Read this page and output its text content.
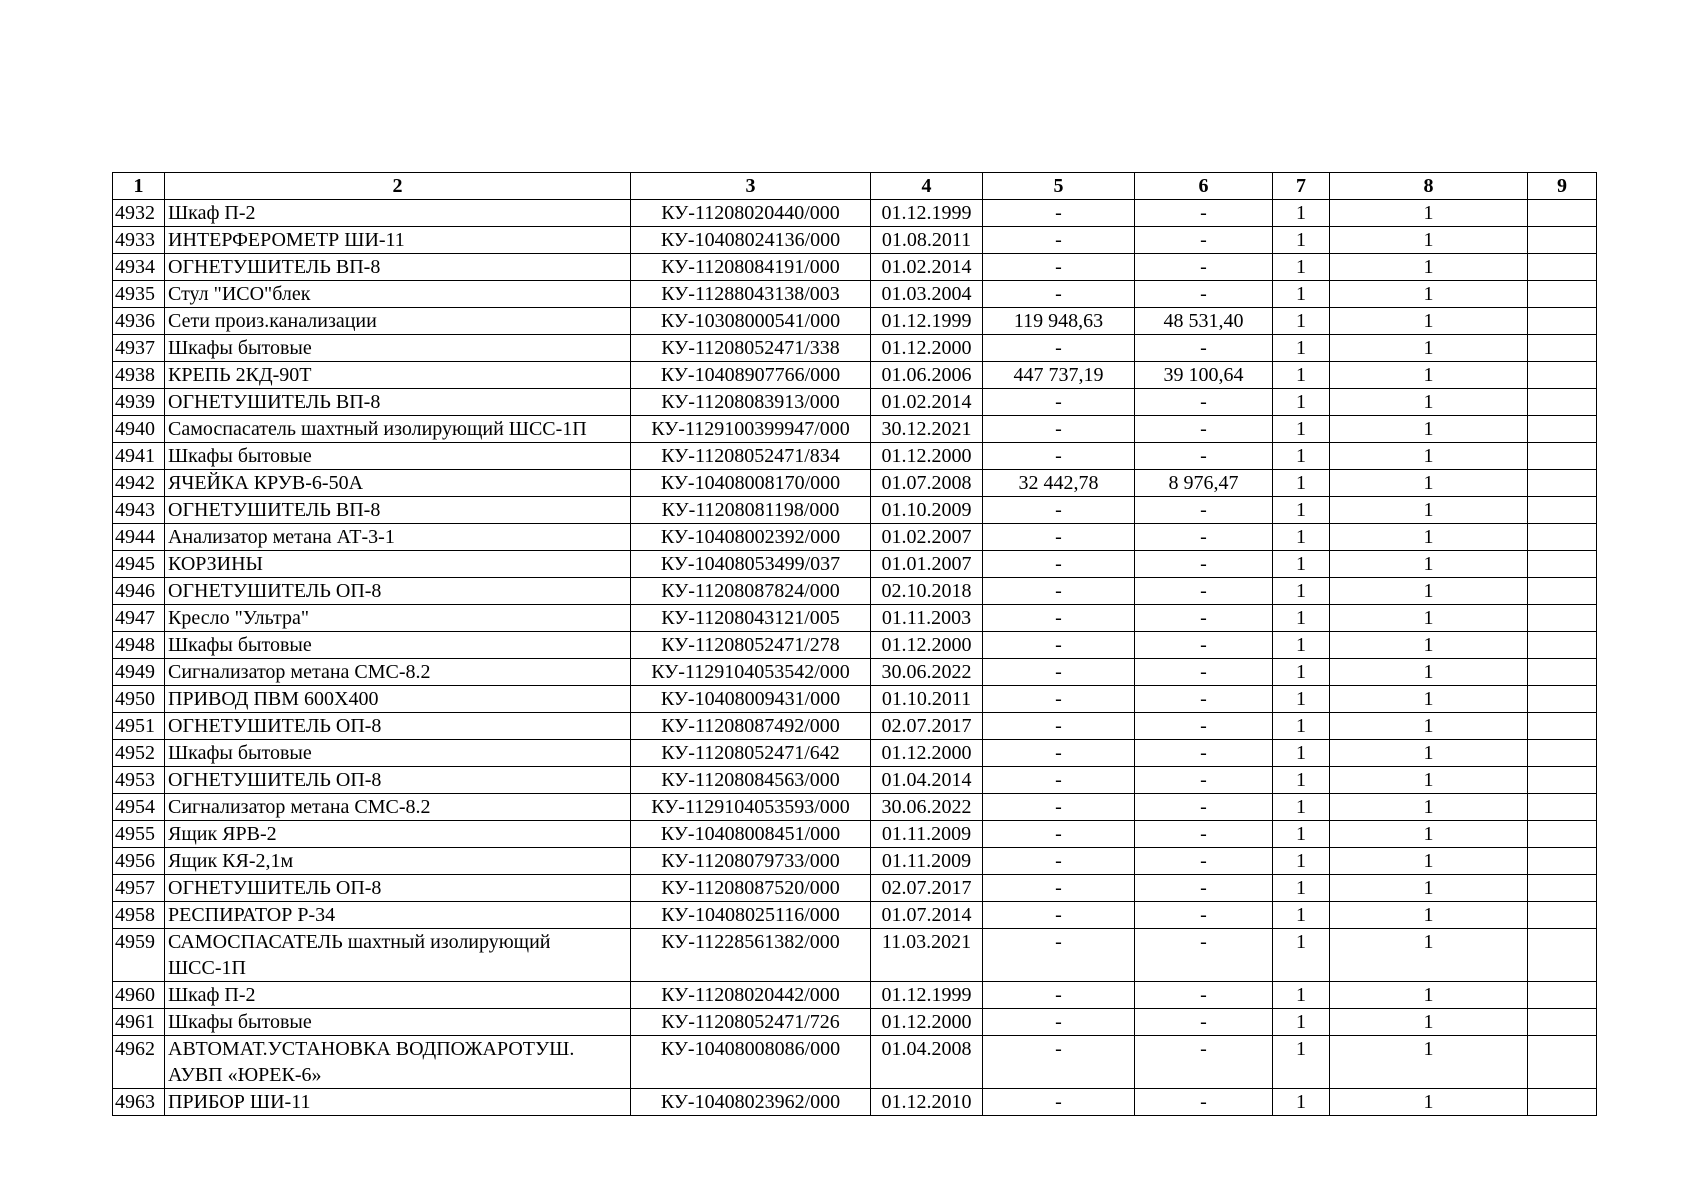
1	2	3	4	5	6	7	8	9
4932	Шкаф П-2	КУ-11208020440/000	01.12.1999	-	-	1	1	
4933	ИНТЕРФЕРОМЕТР ШИ-11	КУ-10408024136/000	01.08.2011	-	-	1	1	
4934	ОГНЕТУШИТЕЛЬ ВП-8	КУ-11208084191/000	01.02.2014	-	-	1	1	
4935	Стул "ИСО"блек	КУ-11288043138/003	01.03.2004	-	-	1	1	
4936	Сети произ.канализации	КУ-10308000541/000	01.12.1999	119 948,63	48 531,40	1	1	
4937	Шкафы бытовые	КУ-11208052471/338	01.12.2000	-	-	1	1	
4938	КРЕПЬ 2КД-90Т	КУ-10408907766/000	01.06.2006	447 737,19	39 100,64	1	1	
4939	ОГНЕТУШИТЕЛЬ ВП-8	КУ-11208083913/000	01.02.2014	-	-	1	1	
4940	Самоспасатель шахтный изолирующий ШСС-1П	КУ-1129100399947/000	30.12.2021	-	-	1	1	
4941	Шкафы бытовые	КУ-11208052471/834	01.12.2000	-	-	1	1	
4942	ЯЧЕЙКА КРУВ-6-50А	КУ-10408008170/000	01.07.2008	32 442,78	8 976,47	1	1	
4943	ОГНЕТУШИТЕЛЬ ВП-8	КУ-11208081198/000	01.10.2009	-	-	1	1	
4944	Анализатор метана АТ-3-1	КУ-10408002392/000	01.02.2007	-	-	1	1	
4945	КОРЗИНЫ	КУ-10408053499/037	01.01.2007	-	-	1	1	
4946	ОГНЕТУШИТЕЛЬ ОП-8	КУ-11208087824/000	02.10.2018	-	-	1	1	
4947	Кресло "Ультра"	КУ-11208043121/005	01.11.2003	-	-	1	1	
4948	Шкафы бытовые	КУ-11208052471/278	01.12.2000	-	-	1	1	
4949	Сигнализатор метана СМС-8.2	КУ-1129104053542/000	30.06.2022	-	-	1	1	
4950	ПРИВОД ПВМ 600Х400	КУ-10408009431/000	01.10.2011	-	-	1	1	
4951	ОГНЕТУШИТЕЛЬ ОП-8	КУ-11208087492/000	02.07.2017	-	-	1	1	
4952	Шкафы бытовые	КУ-11208052471/642	01.12.2000	-	-	1	1	
4953	ОГНЕТУШИТЕЛЬ ОП-8	КУ-11208084563/000	01.04.2014	-	-	1	1	
4954	Сигнализатор метана СМС-8.2	КУ-1129104053593/000	30.06.2022	-	-	1	1	
4955	Ящик ЯРВ-2	КУ-10408008451/000	01.11.2009	-	-	1	1	
4956	Ящик КЯ-2,1м	КУ-11208079733/000	01.11.2009	-	-	1	1	
4957	ОГНЕТУШИТЕЛЬ ОП-8	КУ-11208087520/000	02.07.2017	-	-	1	1	
4958	РЕСПИРАТОР Р-34	КУ-10408025116/000	01.07.2014	-	-	1	1	
4959	САМОСПАСАТЕЛЬ шахтный изолирующий ШСС-1П	КУ-11228561382/000	11.03.2021	-	-	1	1	
4960	Шкаф П-2	КУ-11208020442/000	01.12.1999	-	-	1	1	
4961	Шкафы бытовые	КУ-11208052471/726	01.12.2000	-	-	1	1	
4962	АВТОМАТ.УСТАНОВКА ВОДПОЖАРОТУШ. АУВП «ЮРЕК-6»	КУ-10408008086/000	01.04.2008	-	-	1	1	
4963	ПРИБОР ШИ-11	КУ-10408023962/000	01.12.2010	-	-	1	1	
